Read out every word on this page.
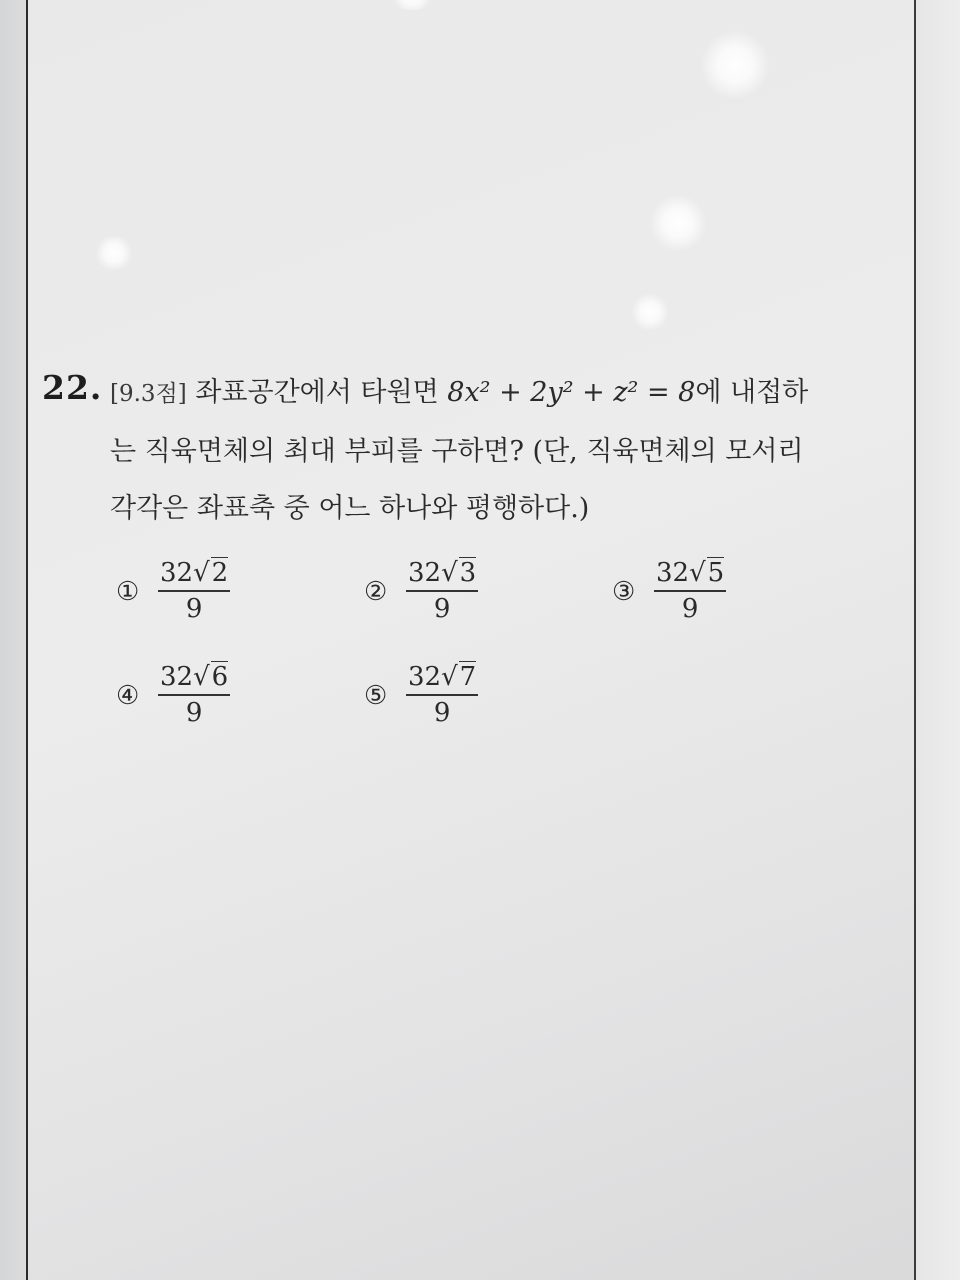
22. [9.3점] 좌표공간에서 타원면 8x² + 2y² + z² = 8에 내접하
는 직육면체의 최대 부피를 구하면? (단, 직육면체의 모서리
각각은 좌표축 중 어느 하나와 평행하다.)
① $\frac{32√2}{9}$	② $\frac{32√3}{9}$	③ $\frac{32√5}{9}$
④ $\frac{32√6}{9}$	⑤ $\frac{32√7}{9}$
